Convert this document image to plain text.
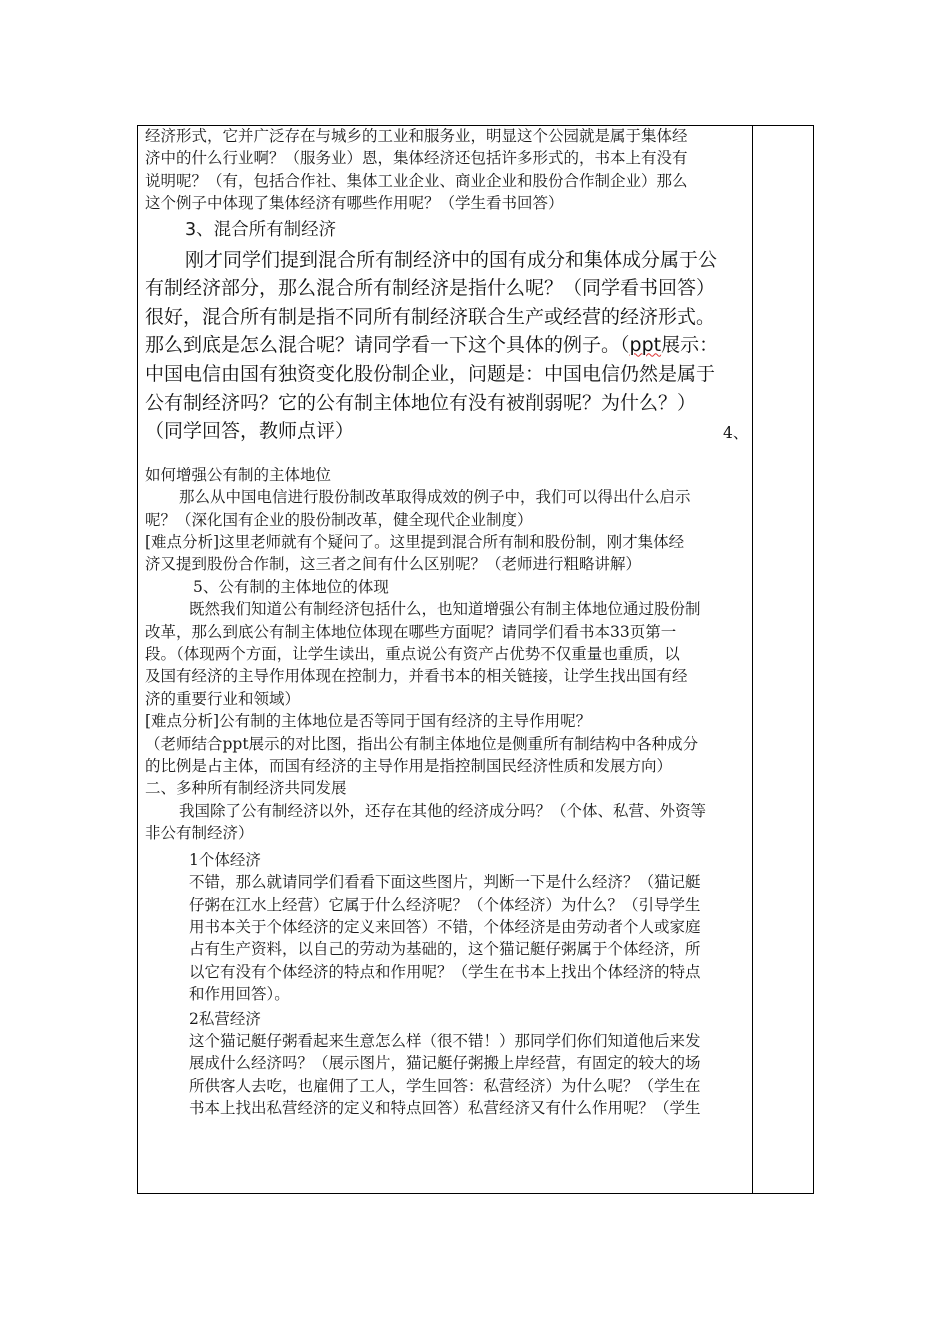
经济形式，它并广泛存在与城乡的工业和服务业，明显这个公园就是属于集体经

济中的什么行业啊？（服务业）恩，集体经济还包括许多形式的，书本上有没有

说明呢？（有，包括合作社、集体工业企业、商业企业和股份合作制企业）那么

这个例子中体现了集体经济有哪些作用呢？（学生看书回答）

3、混合所有制经济

刚才同学们提到混合所有制经济中的国有成分和集体成分属于公

有制经济部分，那么混合所有制经济是指什么呢？（同学看书回答）

很好，混合所有制是指不同所有制经济联合生产或经营的经济形式。

那么到底是怎么混合呢？请同学看一下这个具体的例子。（ppt展示：

中国电信由国有独资变化股份制企业，问题是：中国电信仍然是属于

公有制经济吗？它的公有制主体地位有没有被削弱呢？为什么？）

（同学回答，教师点评）	4、

如何增强公有制的主体地位

那么从中国电信进行股份制改革取得成效的例子中，我们可以得出什么启示

呢？（深化国有企业的股份制改革，健全现代企业制度）

[难点分析]这里老师就有个疑问了。这里提到混合所有制和股份制，刚才集体经

济又提到股份合作制，这三者之间有什么区别呢？（老师进行粗略讲解）

5、公有制的主体地位的体现

既然我们知道公有制经济包括什么，也知道增强公有制主体地位通过股份制

改革，那么到底公有制主体地位体现在哪些方面呢？请同学们看书本33页第一

段。（体现两个方面，让学生读出，重点说公有资产占优势不仅重量也重质，以

及国有经济的主导作用体现在控制力，并看书本的相关链接，让学生找出国有经

济的重要行业和领域）

[难点分析]公有制的主体地位是否等同于国有经济的主导作用呢？

（老师结合ppt展示的对比图，指出公有制主体地位是侧重所有制结构中各种成分

的比例是占主体，而国有经济的主导作用是指控制国民经济性质和发展方向）

二、多种所有制经济共同发展

我国除了公有制经济以外，还存在其他的经济成分吗？（个体、私营、外资等

非公有制经济）

1个体经济

不错，那么就请同学们看看下面这些图片，判断一下是什么经济？（猫记艇

仔粥在江水上经营）它属于什么经济呢？（个体经济）为什么？（引导学生

用书本关于个体经济的定义来回答）不错，个体经济是由劳动者个人或家庭

占有生产资料，以自己的劳动为基础的，这个猫记艇仔粥属于个体经济，所

以它有没有个体经济的特点和作用呢？（学生在书本上找出个体经济的特点

和作用回答）。

2私营经济

这个猫记艇仔粥看起来生意怎么样（很不错！）那同学们你们知道他后来发

展成什么经济吗？（展示图片，猫记艇仔粥搬上岸经营，有固定的较大的场

所供客人去吃，也雇佣了工人，学生回答：私营经济）为什么呢？（学生在

书本上找出私营经济的定义和特点回答）私营经济又有什么作用呢？（学生
